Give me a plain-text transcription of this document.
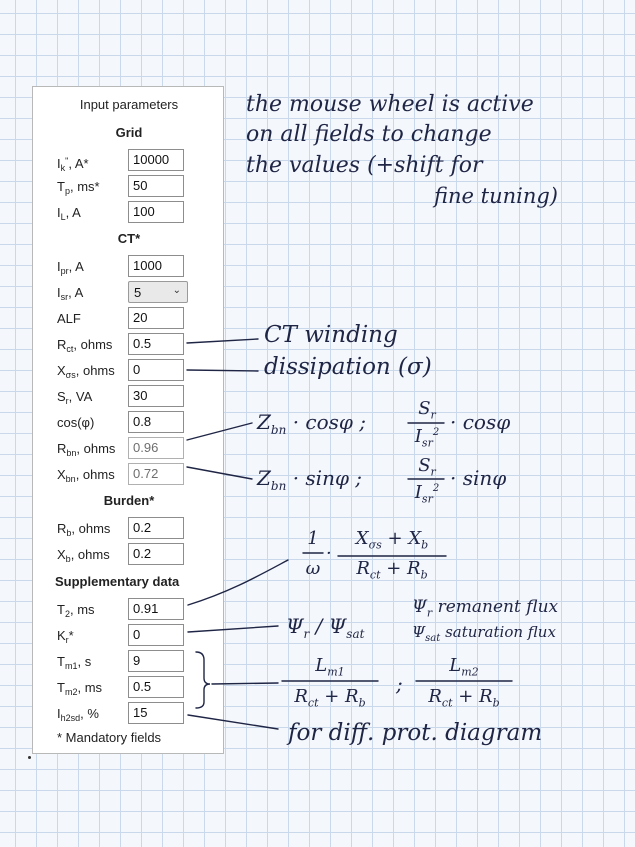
Input parameters
Grid
$I_k^"$, A*	10000
$T_p$, ms*	50
$I_L$, A	100
CT*
$I_{pr}$, A	1000
$I_{sr}$, A	5	⌄
ALF	20
$R_{ct}$, ohms	0.5
$X_{\sigma s}$, ohms	0
$S_r$, VA	30
cos(φ)	0.8
$R_{bn}$, ohms	0.96
$X_{bn}$, ohms	0.72
Burden*
$R_b$, ohms	0.2
$X_b$, ohms	0.2
Supplementary data
$T_2$, ms	0.91
$K_r*$	0
$T_{m1}$, s	9
$T_{m2}$, ms	0.5
$I_{h2sd}$, %	15
* Mandatory fields
the mouse wheel is active
on all fields to change
the values (+shift for
fine tuning)
CT winding
dissipation (σ)
$Z_{bn} \cdot \cos\varphi$ ;
$S_r$
$I_{sr}^2 \cdot \cos\varphi$
$Z_{bn} \cdot \sin\varphi$ ;
$S_r$
$I_{sr}^2 \cdot \sin\varphi$
1
ω
·
$X_{\sigma s} + X_b$
$R_{ct} + R_b$
$\Psi_r / \Psi_{sat}$
$\Psi_r$ remanent flux
$\Psi_{sat}$ saturation flux
$L_{m1}$
$R_{ct} + R_b$
;
$L_{m2}$
$R_{ct} + R_b$
for diff. prot. diagram
